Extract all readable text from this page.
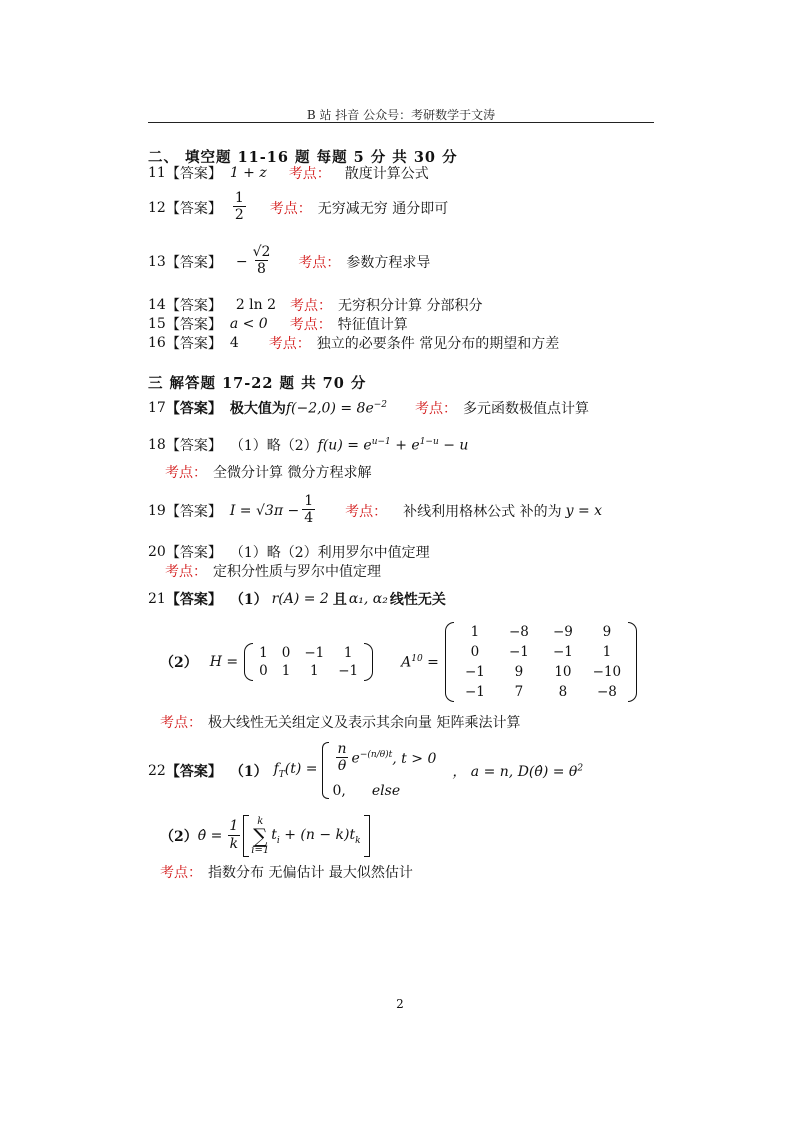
B 站 抖音 公众号：考研数学于文涛
二、 填空题 11-16 题 每题 5 分 共 30 分
11 【答案】 1 + z 考点： 散度计算公式
12 【答案】 $\frac{1}{2}$ 考点： 无穷减无穷 通分即可
13 【答案】 − $\frac{√2}{8}$ 考点： 参数方程求导
14 【答案】 2 ln 2 考点： 无穷积分计算 分部积分
15 【答案】 a < 0 考点： 特征值计算
16 【答案】 4 考点： 独立的必要条件 常见分布的期望和方差
三 解答题 17-22 题 共 70 分
17 【答案】 极大值为 $f(-2,0) = 8e^{-2}$ 考点： 多元函数极值点计算
18 【答案】 （1）略（2） $f(u) = e^{u-1} + e^{1-u} - u$
考点： 全微分计算 微分方程求解
19 【答案】 $I = √3\pi - \frac{1}{4}$ 考点： 补线利用格林公式 补的为 y = x
20 【答案】 （1）略（2）利用罗尔中值定理
考点： 定积分性质与罗尔中值定理
21 【答案】 （1） r(A) = 2 且 α₁, α₂ 线性无关
（2） H =
1 0 −1	1
0 1	1	−1
$A^{10}$ =
1	−8	−9	9
0	−1	−1	1
−1	9	10	−10
−1	7	8	−8
考点： 极大线性无关组定义及表示其余向量 矩阵乘法计算
22 【答案】 （1） $f_T(t) = \frac{n}{\theta} e^{-(n/\theta)t}$ , t > 0
0, else
， a = n, D(θ̂) = $\theta^2$
（2） θ̂ = $\frac{1}{k}$ k
∑
i=1
$t_i + (n - k)t_k$
考点： 指数分布 无偏估计 最大似然估计
2
